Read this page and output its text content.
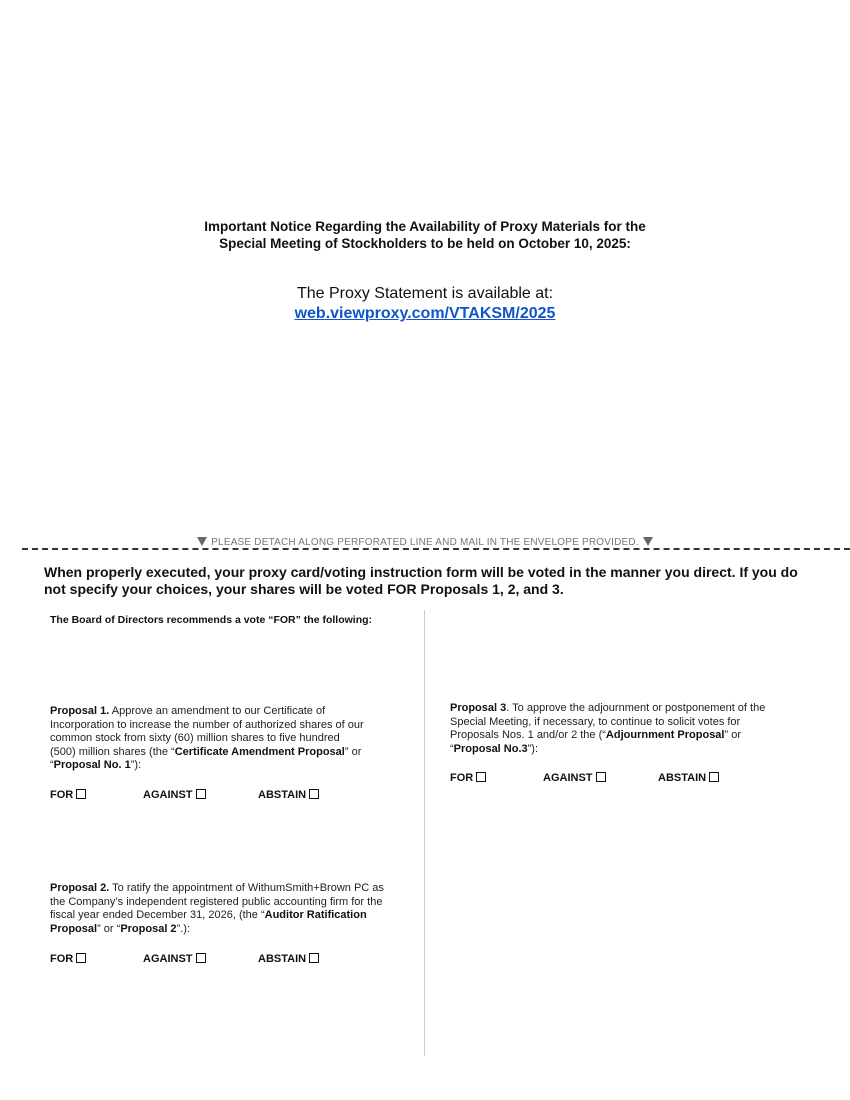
Important Notice Regarding the Availability of Proxy Materials for the
Special Meeting of Stockholders to be held on October 10, 2025:
The Proxy Statement is available at:
web.viewproxy.com/VTAKSM/2025
PLEASE DETACH ALONG PERFORATED LINE AND MAIL IN THE ENVELOPE PROVIDED.
When properly executed, your proxy card/voting instruction form will be voted in the manner you direct. If you do not specify your choices, your shares will be voted FOR Proposals 1, 2, and 3.
The Board of Directors recommends a vote “FOR” the following:
Proposal 1. Approve an amendment to our Certificate of Incorporation to increase the number of authorized shares of our common stock from sixty (60) million shares to five hundred (500) million shares (the “Certificate Amendment Proposal” or “Proposal No. 1”):
FOR	AGAINST	ABSTAIN
Proposal 2. To ratify the appointment of WithumSmith+Brown PC as the Company’s independent registered public accounting firm for the fiscal year ended December 31, 2026, (the “Auditor Ratification Proposal” or “Proposal 2”.):
FOR	AGAINST	ABSTAIN
Proposal 3. To approve the adjournment or postponement of the Special Meeting, if necessary, to continue to solicit votes for Proposals Nos. 1 and/or 2 the (“Adjournment Proposal” or “Proposal No.3”):
FOR	AGAINST	ABSTAIN
